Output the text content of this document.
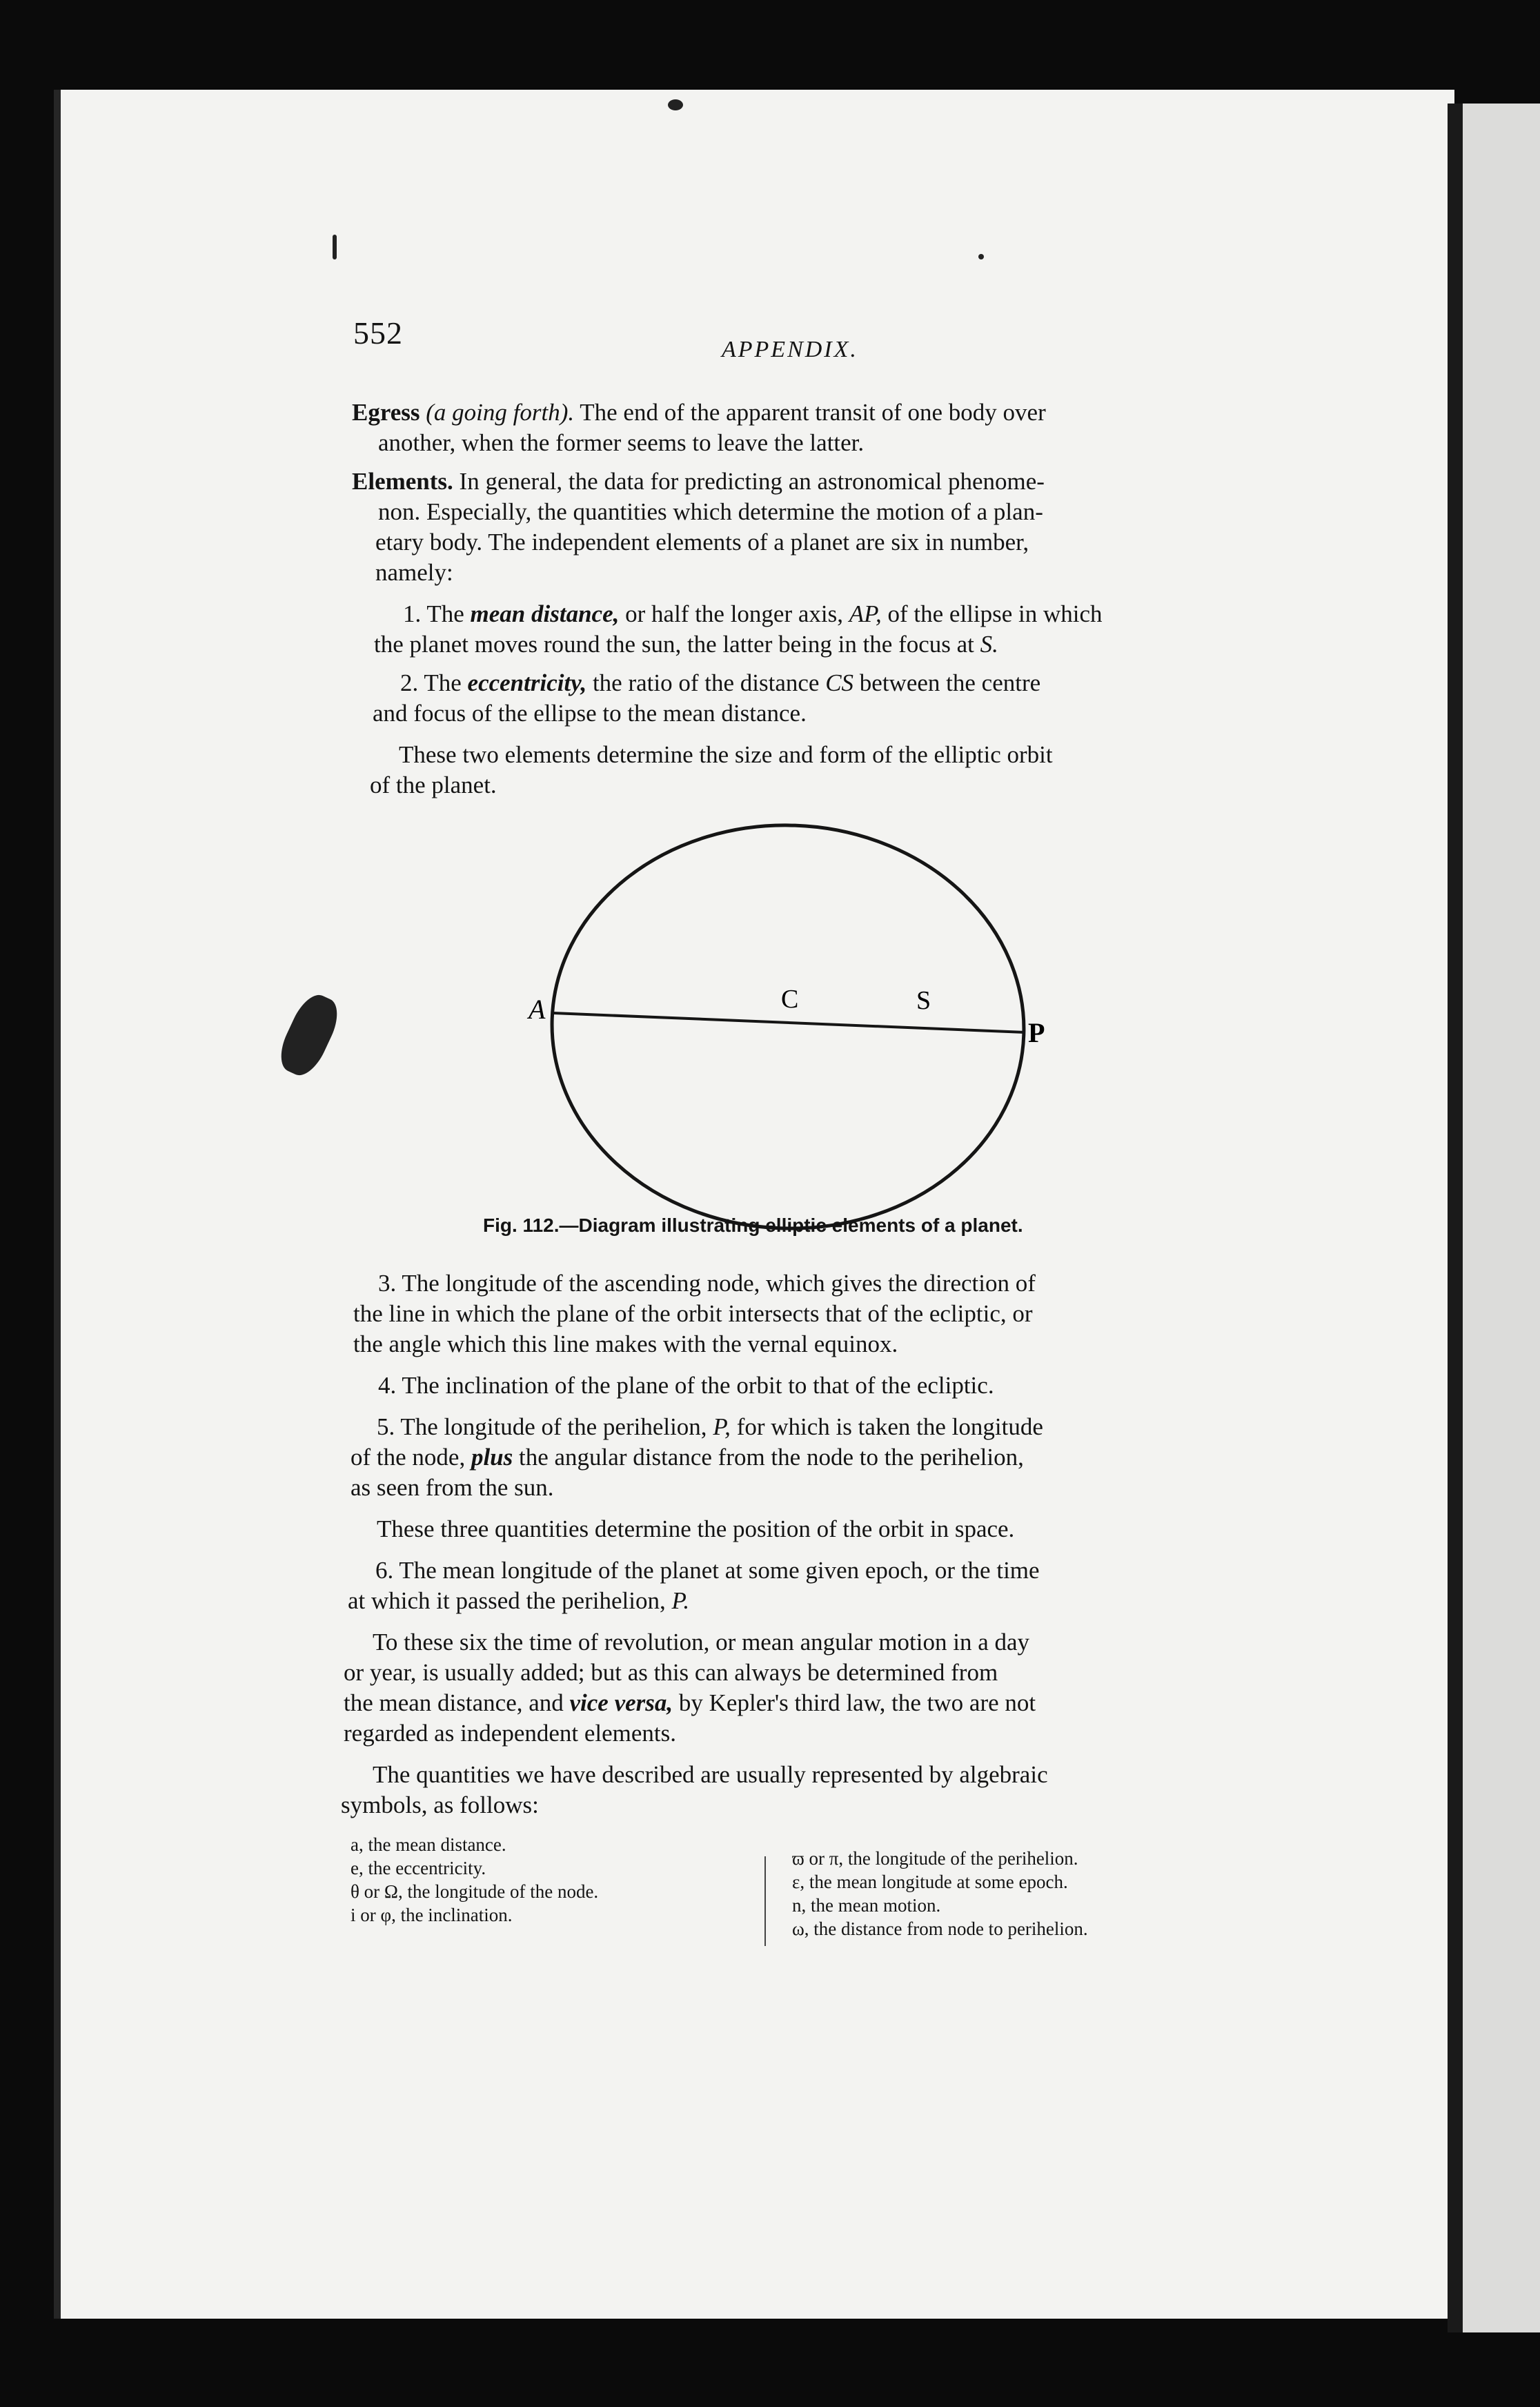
552	APPENDIX.

Egress (a going forth). The end of the apparent transit of one body over

another, when the former seems to leave the latter.

Elements. In general, the data for predicting an astronomical phenome-

non. Especially, the quantities which determine the motion of a plan-

etary body. The independent elements of a planet are six in number,

namely:

1. The mean distance, or half the longer axis, AP, of the ellipse in which

the planet moves round the sun, the latter being in the focus at S.

2. The eccentricity, the ratio of the distance CS between the centre

and focus of the ellipse to the mean distance.

These two elements determine the size and form of the elliptic orbit

of the planet.

A	C	S
P
Fig. 112.—Diagram illustrating elliptic elements of a planet.

3. The longitude of the ascending node, which gives the direction of

the line in which the plane of the orbit intersects that of the ecliptic, or

the angle which this line makes with the vernal equinox.

4. The inclination of the plane of the orbit to that of the ecliptic.

5. The longitude of the perihelion, P, for which is taken the longitude

of the node, plus the angular distance from the node to the perihelion,

as seen from the sun.

These three quantities determine the position of the orbit in space.

6. The mean longitude of the planet at some given epoch, or the time

at which it passed the perihelion, P.

To these six the time of revolution, or mean angular motion in a day

or year, is usually added; but as this can always be determined from

the mean distance, and vice versa, by Kepler's third law, the two are not

regarded as independent elements.

The quantities we have described are usually represented by algebraic

symbols, as follows:

a, the mean distance.
e, the eccentricity.
θ or Ω, the longitude of the node.
i or φ, the inclination.
ϖ or π, the longitude of the perihelion.
ε, the mean longitude at some epoch.
n, the mean motion.
ω, the distance from node to perihelion.
